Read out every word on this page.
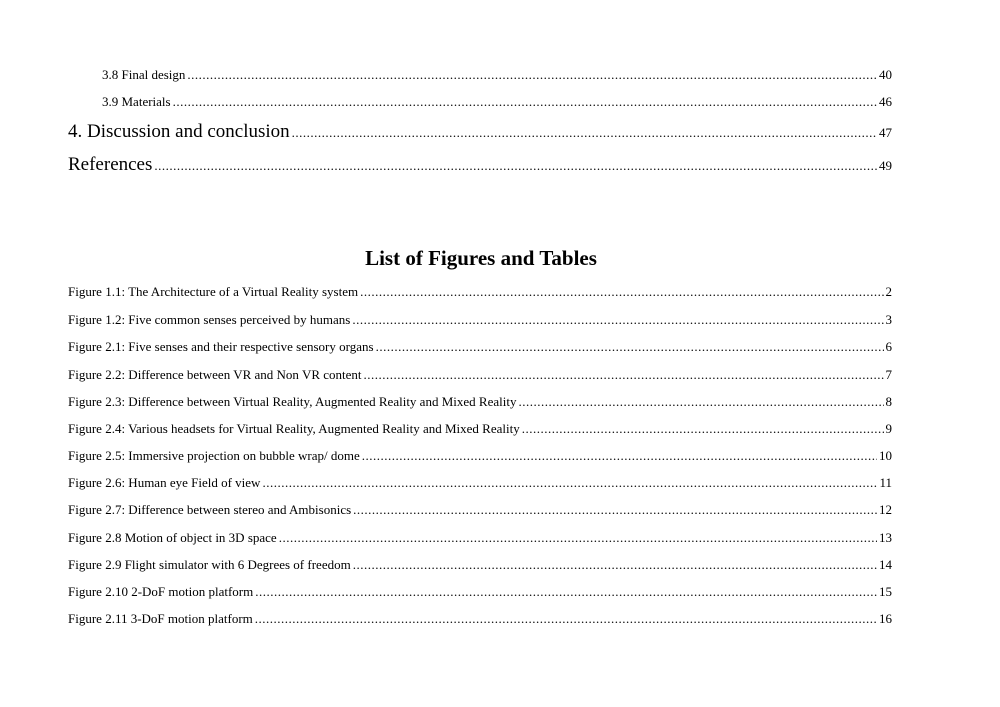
3.8 Final design .....	40
3.9 Materials .....	46
4. Discussion and conclusion .....	47
References .....	49
List of Figures and Tables
Figure 1.1: The Architecture of a Virtual Reality system .....	2
Figure 1.2: Five common senses perceived by humans .....	3
Figure 2.1: Five senses and their respective sensory organs .....	6
Figure 2.2: Difference between VR and Non VR content .....	7
Figure 2.3: Difference between Virtual Reality, Augmented Reality and Mixed Reality .....	8
Figure 2.4: Various headsets for Virtual Reality, Augmented Reality and Mixed Reality .....	9
Figure 2.5: Immersive projection on bubble wrap/ dome .....	10
Figure 2.6: Human eye Field of view .....	11
Figure 2.7: Difference between stereo and Ambisonics .....	12
Figure 2.8 Motion of object in 3D space .....	13
Figure 2.9 Flight simulator with 6 Degrees of freedom .....	14
Figure 2.10 2-DoF motion platform .....	15
Figure 2.11 3-DoF motion platform .....	16
